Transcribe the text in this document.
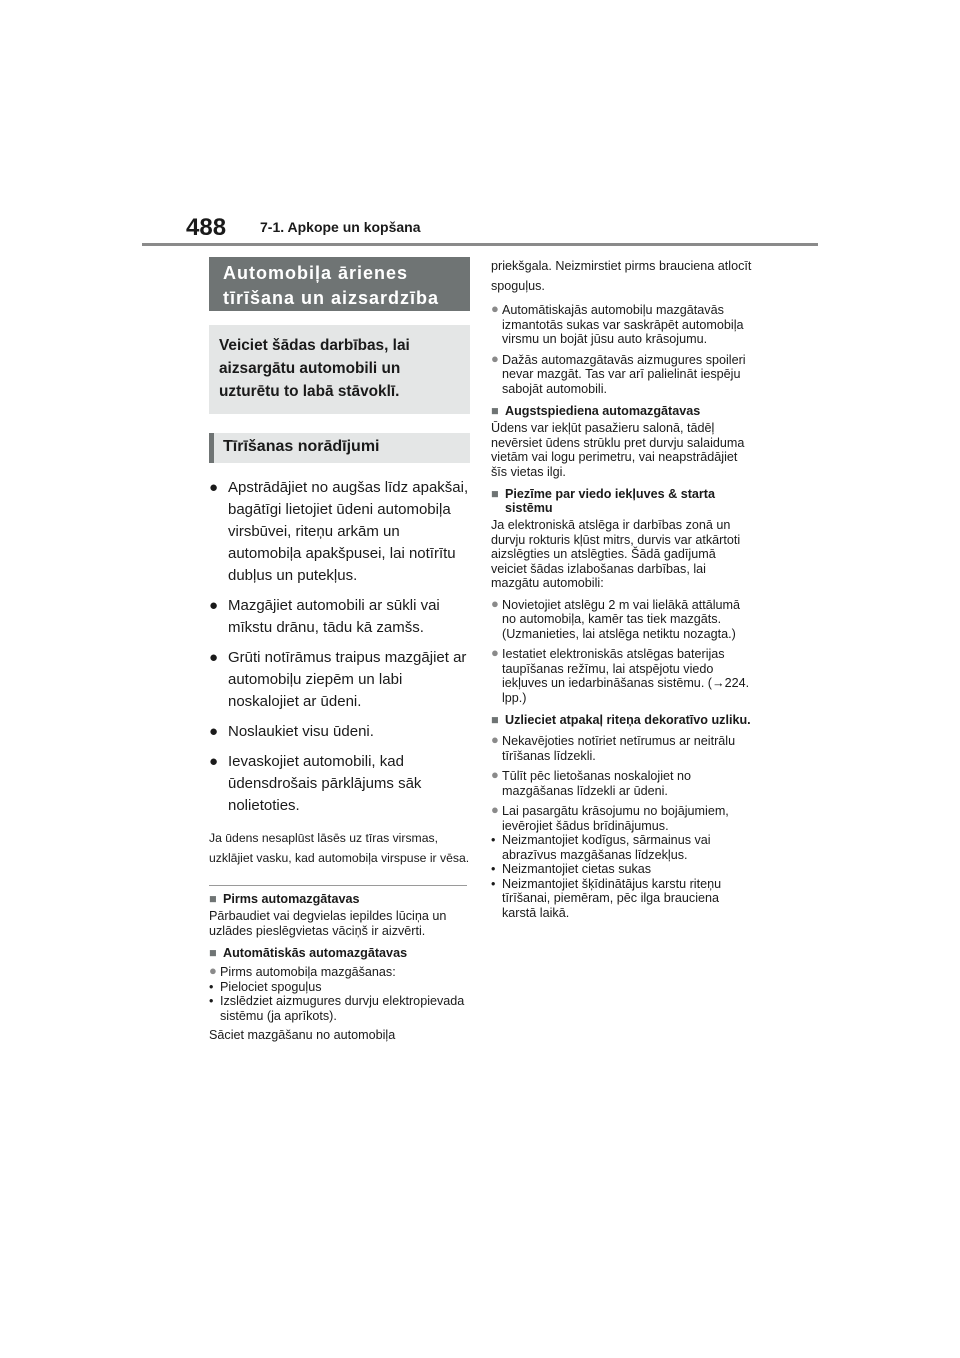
488 7-1. Apkope un kopšana
Automobiļa ārienes tīrīšana un aizsardzība
Veiciet šādas darbības, lai aizsargātu automobili un uzturētu to labā stāvoklī.
Tīrīšanas norādījumi
● Apstrādājiet no augšas līdz apakšai, bagātīgi lietojiet ūdeni automobiļa virsbūvei, riteņu arkām un automobiļa apakšpusei, lai notīrītu dubļus un putekļus.
● Mazgājiet automobili ar sūkli vai mīkstu drānu, tādu kā zamšs.
● Grūti notīrāmus traipus mazgājiet ar automobiļu ziepēm un labi noskalojiet ar ūdeni.
● Noslaukiet visu ūdeni.
● Ievaskojiet automobili, kad ūdensdrošais pārklājums sāk nolietoties.
Ja ūdens nesaplūst lāsēs uz tīras virsmas, uzklājiet vasku, kad automobiļa virspuse ir vēsa.
■ Pirms automazgātavas
Pārbaudiet vai degvielas iepildes lūciņa un uzlādes pieslēgvietas vāciņš ir aizvērti.
■ Automātiskās automazgātavas
● Pirms automobiļa mazgāšanas:
• Pielociet spoguļus
• Izslēdziet aizmugures durvju elektropievada sistēmu (ja aprīkots).
Sāciet mazgāšanu no automobiļa
priekšgala. Neizmirstiet pirms brauciena atlocīt spoguļus.
● Automātiskajās automobiļu mazgātavās izmantotās sukas var saskrāpēt automobiļa virsmu un bojāt jūsu auto krāsojumu.
● Dažās automazgātavās aizmugures spoileri nevar mazgāt. Tas var arī palielināt iespēju sabojāt automobili.
■ Augstspiediena automazgātavas
Ūdens var iekļūt pasažieru salonā, tādēļ nevērsiet ūdens strūklu pret durvju salaiduma vietām vai logu perimetru, vai neapstrādājiet šīs vietas ilgi.
■ Piezīme par viedo iekļuves & starta sistēmu
Ja elektroniskā atslēga ir darbības zonā un durvju rokturis kļūst mitrs, durvis var atkārtoti aizslēgties un atslēgties. Šādā gadījumā veiciet šādas izlabošanas darbības, lai mazgātu automobili:
● Novietojiet atslēgu 2 m vai lielākā attālumā no automobiļa, kamēr tas tiek mazgāts. (Uzmanieties, lai atslēga netiktu nozagta.)
● Iestatiet elektroniskās atslēgas baterijas taupīšanas režīmu, lai atspējotu viedo iekļuves un iedarbināšanas sistēmu. (→224. lpp.)
■ Uzlieciet atpakaļ riteņa dekoratīvo uzliku.
● Nekavējoties notīriet netīrumus ar neitrālu tīrīšanas līdzekli.
● Tūlīt pēc lietošanas noskalojiet no mazgāšanas līdzekli ar ūdeni.
● Lai pasargātu krāsojumu no bojājumiem, ievērojiet šādus brīdinājumus.
• Neizmantojiet kodīgus, sārmainus vai abrazīvus mazgāšanas līdzekļus.
• Neizmantojiet cietas sukas
• Neizmantojiet šķīdinātājus karstu riteņu tīrīšanai, piemēram, pēc ilga brauciena karstā laikā.
